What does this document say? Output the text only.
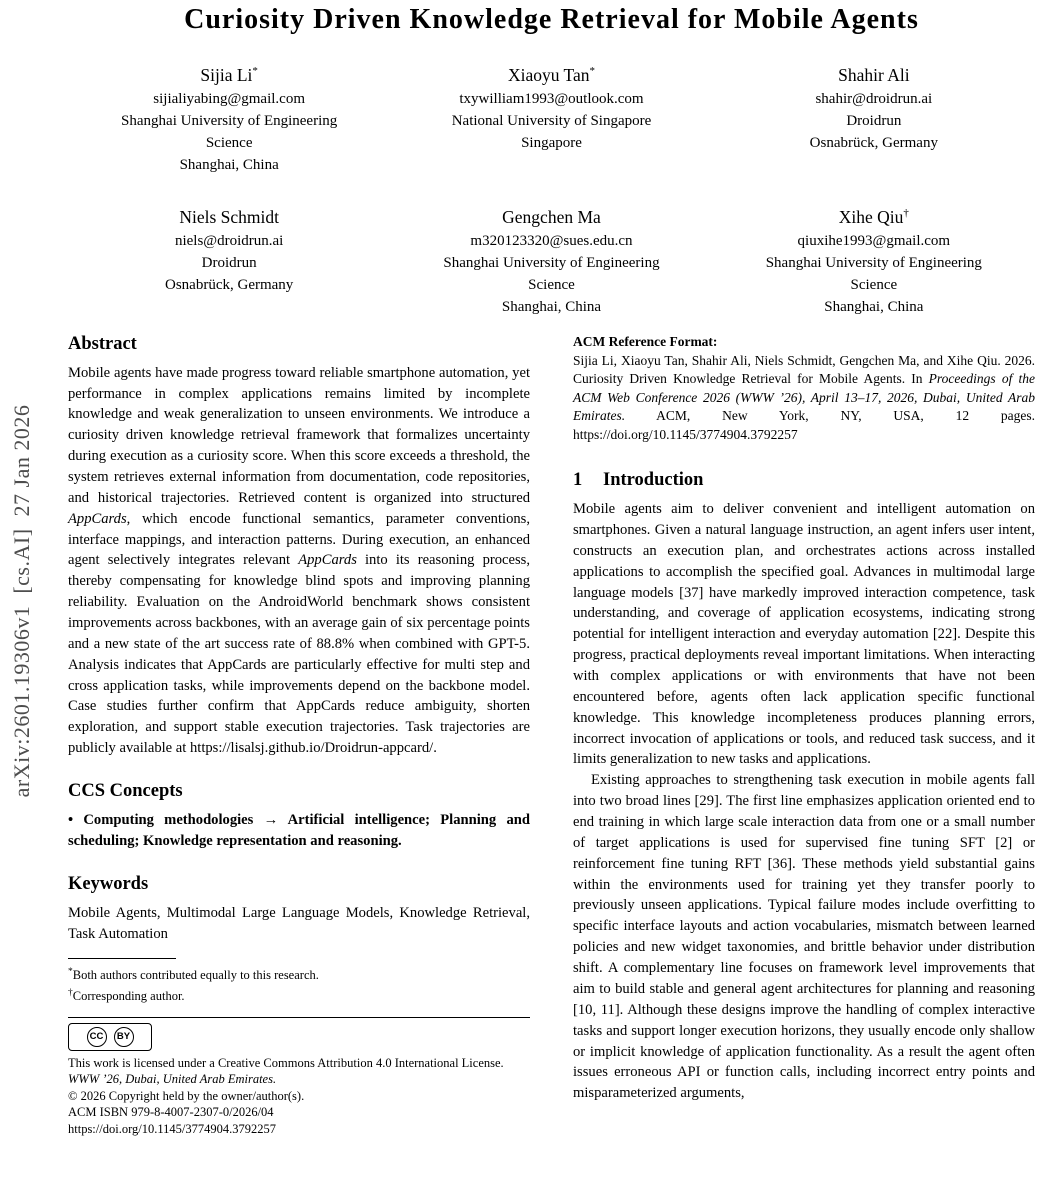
arXiv:2601.19306v1  [cs.AI]  27 Jan 2026
Curiosity Driven Knowledge Retrieval for Mobile Agents
Sijia Li*
sijialiyabing@gmail.com
Shanghai University of Engineering
Science
Shanghai, China
Xiaoyu Tan*
txywilliam1993@outlook.com
National University of Singapore
Singapore
Shahir Ali
shahir@droidrun.ai
Droidrun
Osnabrück, Germany
Niels Schmidt
niels@droidrun.ai
Droidrun
Osnabrück, Germany
Gengchen Ma
m320123320@sues.edu.cn
Shanghai University of Engineering
Science
Shanghai, China
Xihe Qiu†
qiuxihe1993@gmail.com
Shanghai University of Engineering
Science
Shanghai, China
Abstract

Mobile agents have made progress toward reliable smartphone automation, yet performance in complex applications remains limited by incomplete knowledge and weak generalization to unseen environments. We introduce a curiosity driven knowledge retrieval framework that formalizes uncertainty during execution as a curiosity score. When this score exceeds a threshold, the system retrieves external information from documentation, code repositories, and historical trajectories. Retrieved content is organized into structured AppCards, which encode functional semantics, parameter conventions, interface mappings, and interaction patterns. During execution, an enhanced agent selectively integrates relevant AppCards into its reasoning process, thereby compensating for knowledge blind spots and improving planning reliability. Evaluation on the AndroidWorld benchmark shows consistent improvements across backbones, with an average gain of six percentage points and a new state of the art success rate of 88.8% when combined with GPT-5. Analysis indicates that AppCards are particularly effective for multi step and cross application tasks, while improvements depend on the backbone model. Case studies further confirm that AppCards reduce ambiguity, shorten exploration, and support stable execution trajectories. Task trajectories are publicly available at https://lisalsj.github.io/Droidrun-appcard/.

CCS Concepts

• Computing methodologies → Artificial intelligence; Planning and scheduling; Knowledge representation and reasoning.

Keywords

Mobile Agents, Multimodal Large Language Models, Knowledge Retrieval, Task Automation

*Both authors contributed equally to this research.
†Corresponding author.
CC	BY
This work is licensed under a Creative Commons Attribution 4.0 International License.
WWW ’26, Dubai, United Arab Emirates.
© 2026 Copyright held by the owner/author(s).
ACM ISBN 979-8-4007-2307-0/2026/04
https://doi.org/10.1145/3774904.3792257
ACM Reference Format:

Sijia Li, Xiaoyu Tan, Shahir Ali, Niels Schmidt, Gengchen Ma, and Xihe Qiu. 2026. Curiosity Driven Knowledge Retrieval for Mobile Agents. In Proceedings of the ACM Web Conference 2026 (WWW ’26), April 13–17, 2026, Dubai, United Arab Emirates. ACM, New York, NY, USA, 12 pages. https://doi.org/10.1145/3774904.3792257

1 Introduction

Mobile agents aim to deliver convenient and intelligent automation on smartphones. Given a natural language instruction, an agent infers user intent, constructs an execution plan, and orchestrates actions across installed applications to accomplish the specified goal. Advances in multimodal large language models [37] have markedly improved interaction competence, task understanding, and coverage of application ecosystems, indicating strong potential for intelligent interaction and everyday automation [22]. Despite this progress, practical deployments reveal important limitations. When interacting with complex applications or with environments that have not been encountered before, agents often lack application specific functional knowledge. This knowledge incompleteness produces planning errors, incorrect invocation of applications or tools, and reduced task success, and it limits generalization to new tasks and applications.

Existing approaches to strengthening task execution in mobile agents fall into two broad lines [29]. The first line emphasizes application oriented end to end training in which large scale interaction data from one or a small number of target applications is used for supervised fine tuning SFT [2] or reinforcement fine tuning RFT [36]. These methods yield substantial gains within the environments used for training yet they transfer poorly to previously unseen applications. Typical failure modes include overfitting to specific interface layouts and action vocabularies, mismatch between learned policies and new widget taxonomies, and brittle behavior under distribution shift. A complementary line focuses on framework level improvements that aim to build stable and general agent architectures for planning and reasoning [10, 11]. Although these designs improve the handling of complex interactive tasks and support longer execution horizons, they usually encode only shallow or implicit knowledge of application functionality. As a result the agent often issues erroneous API or function calls, including incorrect entry points and misparameterized arguments,
